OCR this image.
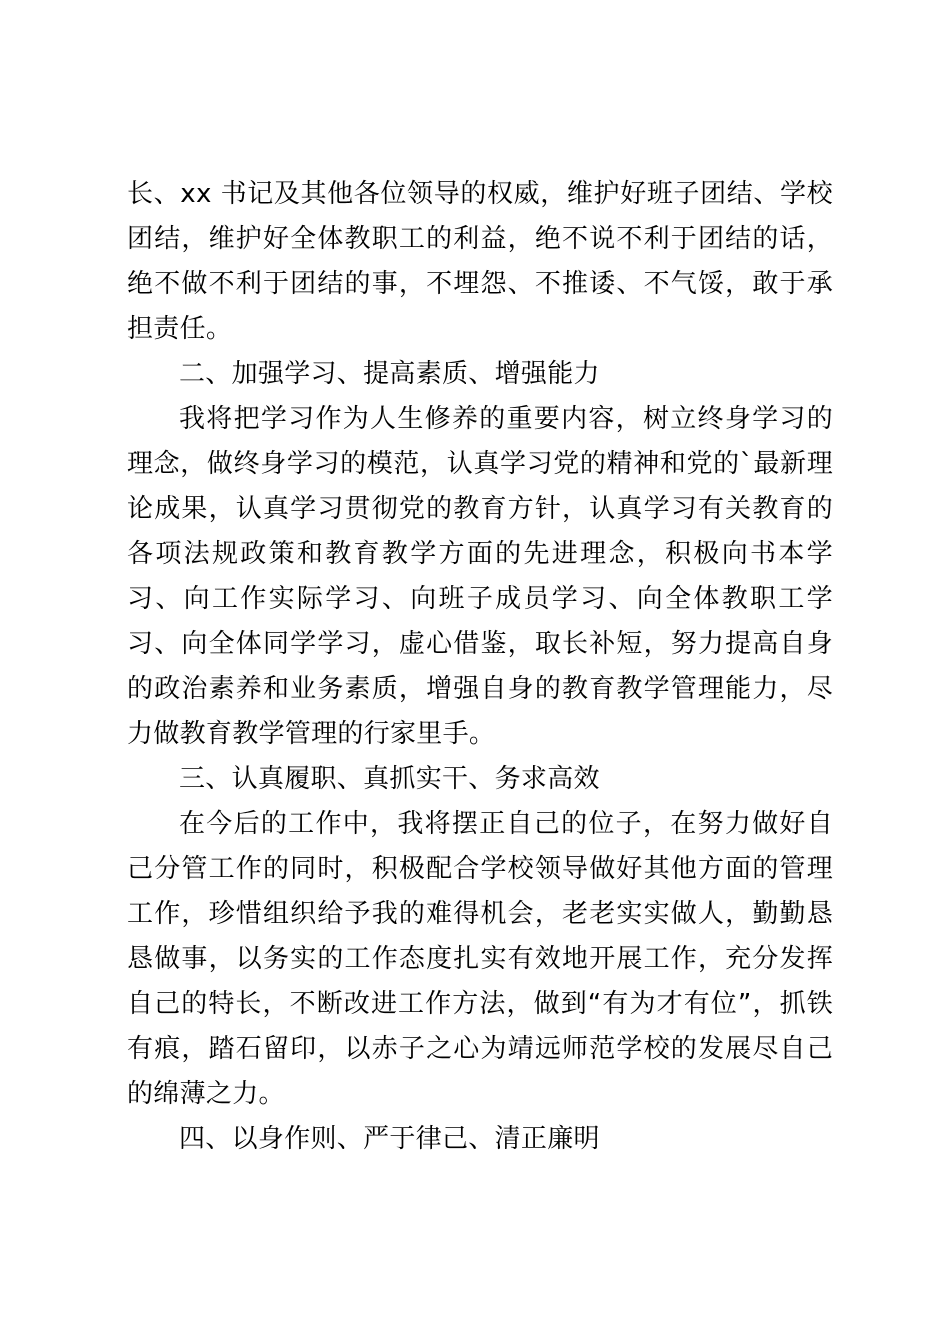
长、xx 书记及其他各位领导的权威，维护好班子团结、学校团结，维护好全体教职工的利益，绝不说不利于团结的话，绝不做不利于团结的事，不埋怨、不推诿、不气馁，敢于承担责任。

二、加强学习、提高素质、增强能力

我将把学习作为人生修养的重要内容，树立终身学习的理念，做终身学习的模范，认真学习党的精神和党的`最新理论成果，认真学习贯彻党的教育方针，认真学习有关教育的各项法规政策和教育教学方面的先进理念，积极向书本学习、向工作实际学习、向班子成员学习、向全体教职工学习、向全体同学学习，虚心借鉴，取长补短，努力提高自身的政治素养和业务素质，增强自身的教育教学管理能力，尽力做教育教学管理的行家里手。

三、认真履职、真抓实干、务求高效

在今后的工作中，我将摆正自己的位子，在努力做好自己分管工作的同时，积极配合学校领导做好其他方面的管理工作，珍惜组织给予我的难得机会，老老实实做人，勤勤恳恳做事，以务实的工作态度扎实有效地开展工作，充分发挥自己的特长，不断改进工作方法，做到“有为才有位”，抓铁有痕，踏石留印，以赤子之心为靖远师范学校的发展尽自己的绵薄之力。

四、以身作则、严于律己、清正廉明
